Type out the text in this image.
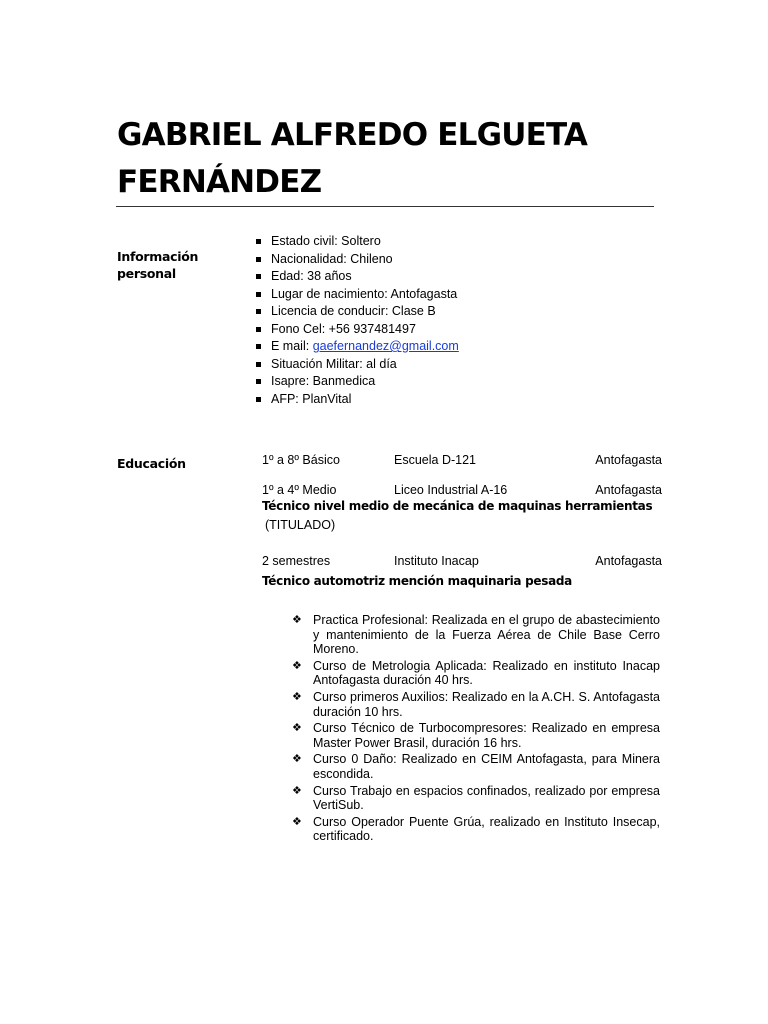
GABRIEL ALFREDO ELGUETA FERNÁNDEZ
Información personal
Estado civil: Soltero
Nacionalidad: Chileno
Edad: 38 años
Lugar de nacimiento: Antofagasta
Licencia de conducir: Clase B
Fono Cel: +56 937481497
E mail: gaefernandez@gmail.com
Situación Militar: al día
Isapre: Banmedica
AFP: PlanVital
Educación	1º a 8º Básico	Escuela D-121	Antofagasta
1º a 4º Medio	Liceo Industrial A-16	Antofagasta
Técnico nivel medio de mecánica de maquinas herramientas
(TITULADO)
2 semestres	Instituto Inacap	Antofagasta
Técnico automotriz mención maquinaria pesada
❖ Practica Profesional: Realizada en el grupo de abastecimiento y mantenimiento de la Fuerza Aérea de Chile Base Cerro Moreno.
❖ Curso de Metrologia Aplicada: Realizado en instituto Inacap Antofagasta duración 40 hrs.
❖ Curso primeros Auxilios: Realizado en la A.CH. S. Antofagasta duración 10 hrs.
❖ Curso Técnico de Turbocompresores: Realizado en empresa Master Power Brasil, duración 16 hrs.
❖ Curso 0 Daño: Realizado en CEIM Antofagasta, para Minera escondida.
❖ Curso Trabajo en espacios confinados, realizado por empresa VertiSub.
❖ Curso Operador Puente Grúa, realizado en Instituto Insecap, certificado.
